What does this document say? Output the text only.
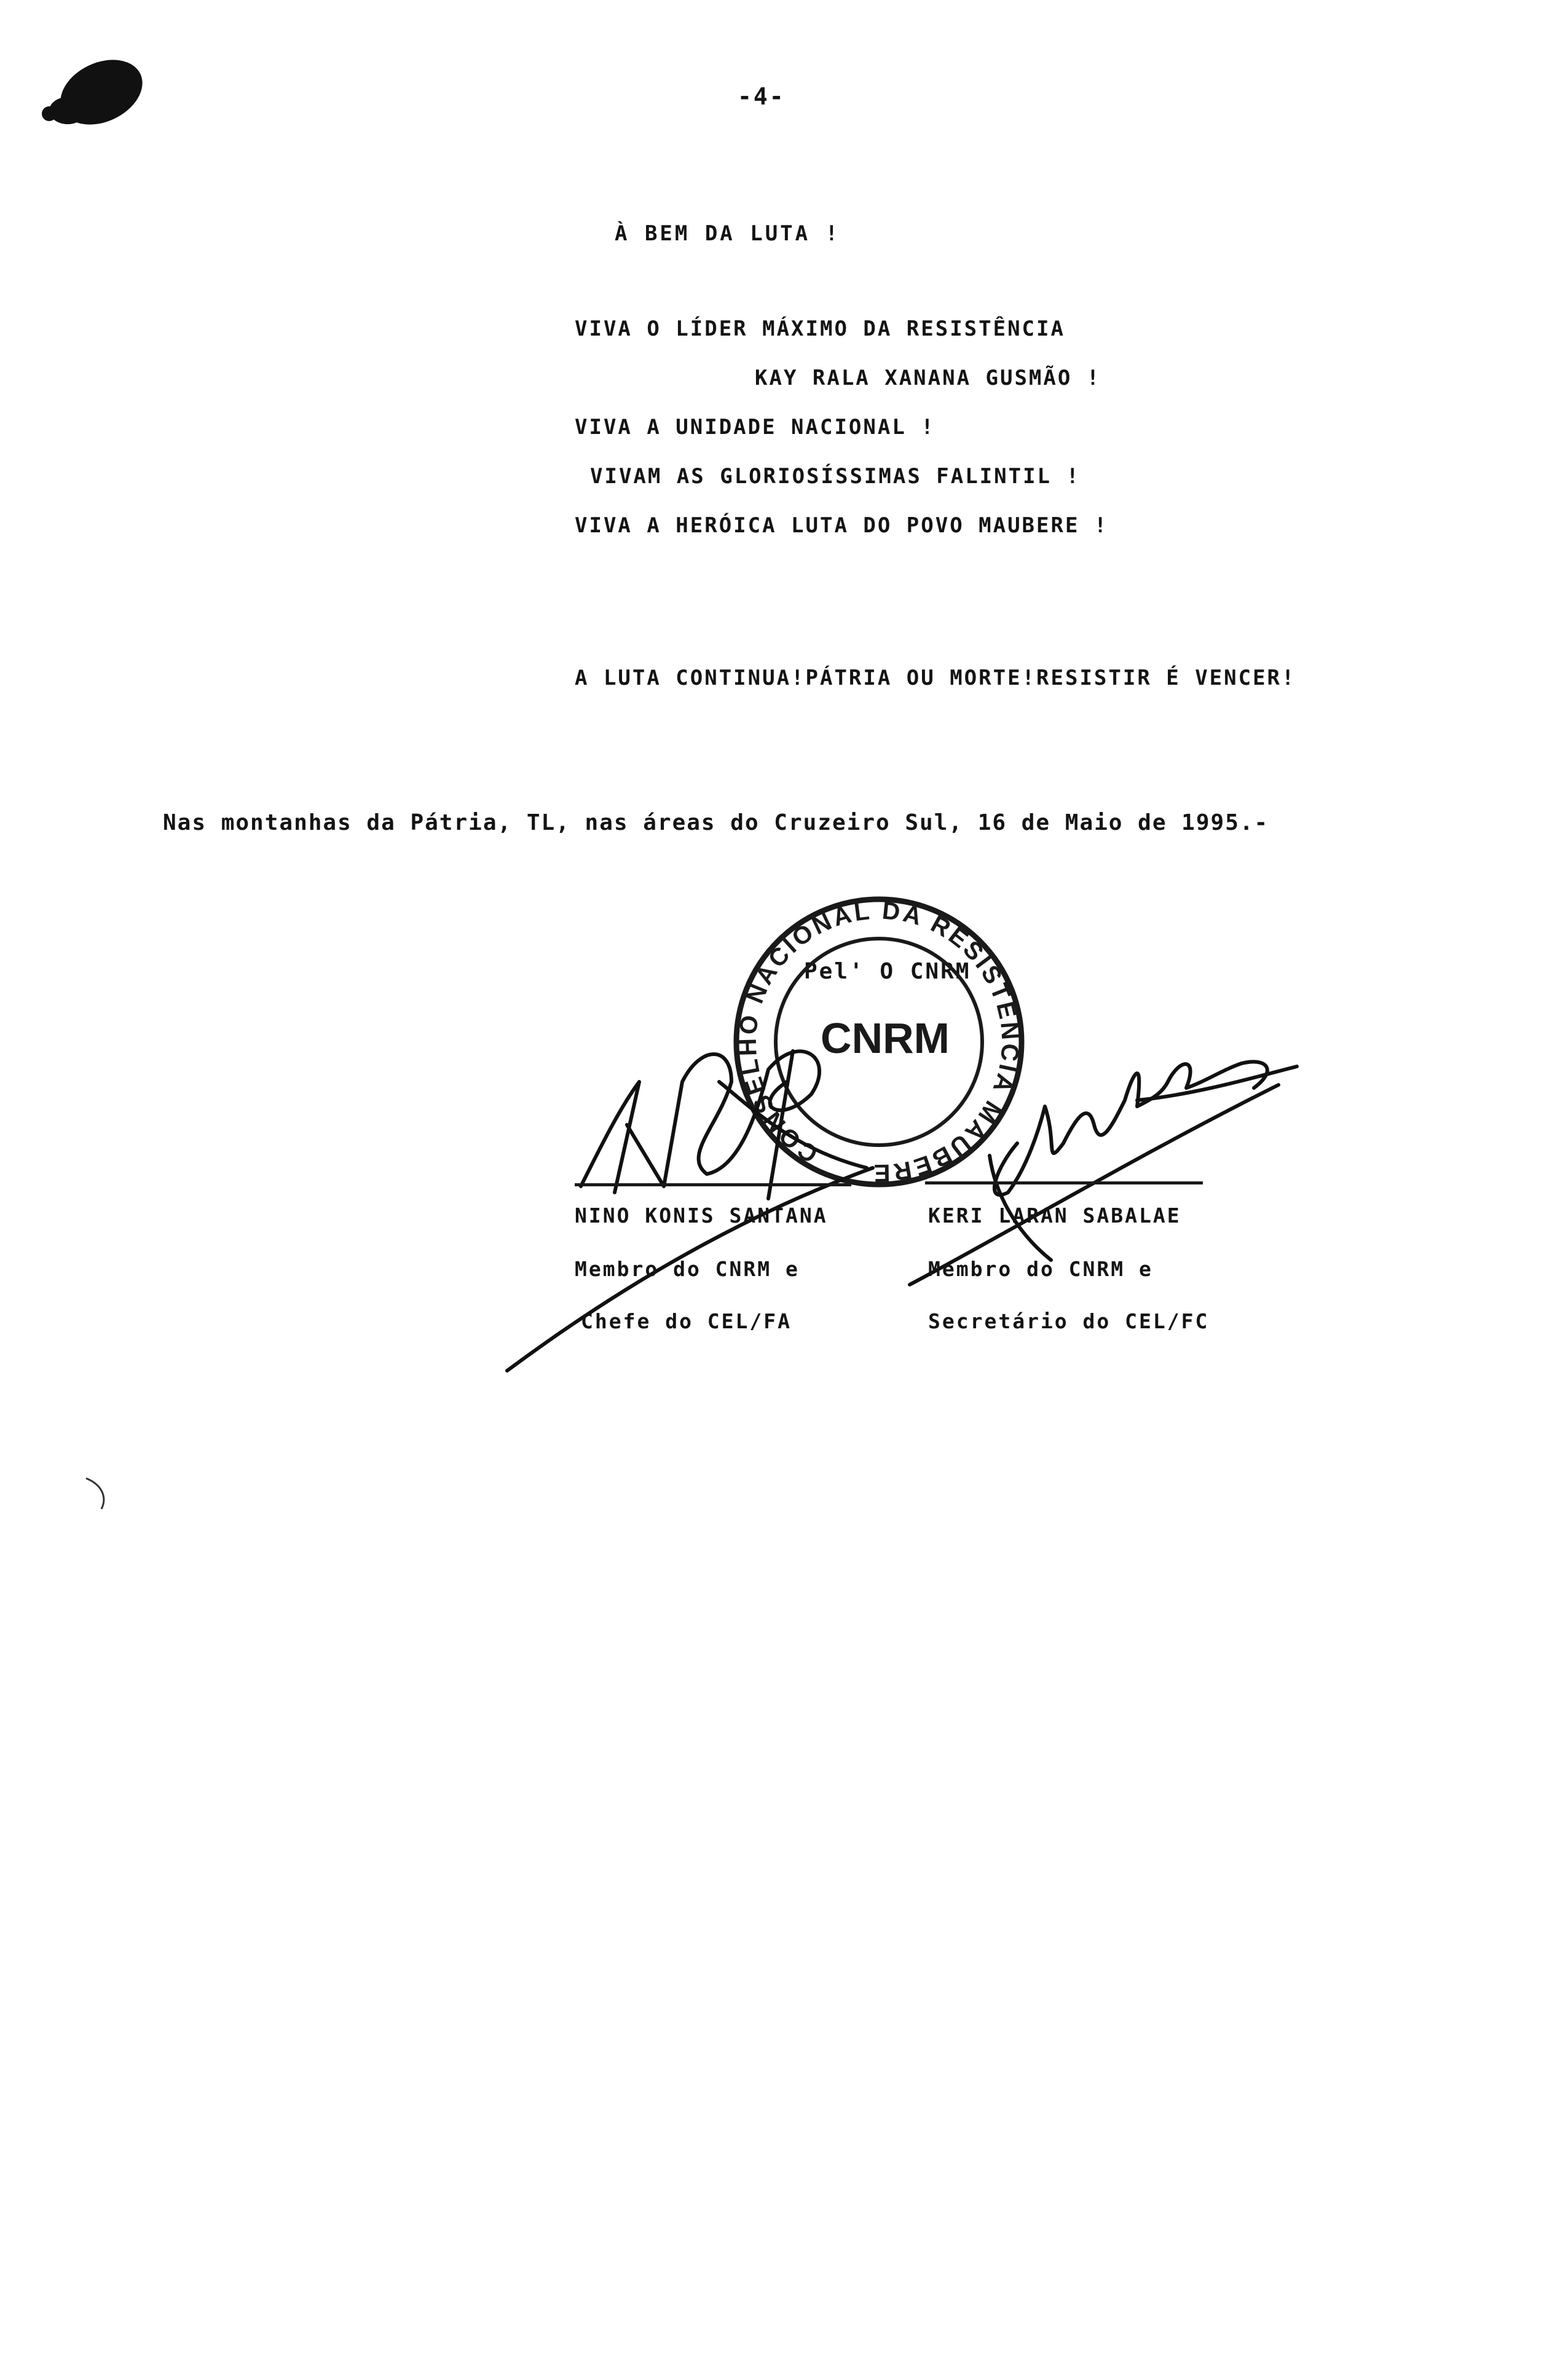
-4-
À BEM DA LUTA !
VIVA O LÍDER MÁXIMO DA RESISTÊNCIA
KAY RALA XANANA GUSMÃO !
VIVA A UNIDADE NACIONAL !
VIVAM AS GLORIOSÍSSIMAS FALINTIL !
VIVA A HERÓICA LUTA DO POVO MAUBERE !
A LUTA CONTINUA!PÁTRIA OU MORTE!RESISTIR É VENCER!
Nas montanhas da Pátria, TL, nas áreas do Cruzeiro Sul, 16 de Maio de 1995.-
Pel' O CNRM
CONSELHO NACIONAL DA RESISTÊNCIA MAUBERE
CNRM
NINO KONIS SANTANA
Membro do CNRM e
Chefe do CEL/FA
KERI LARAN SABALAE
Membro do CNRM e
Secretário do CEL/FC
